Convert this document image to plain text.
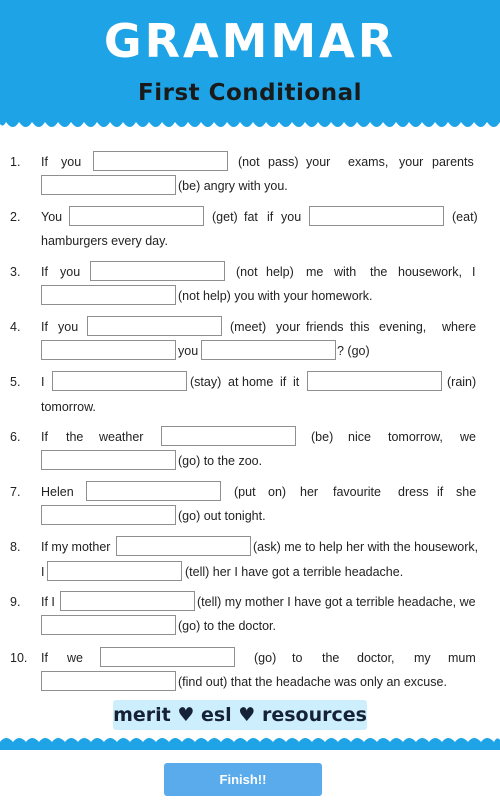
GRAMMAR
First Conditional
1. If	(not
you	pass) your exams, your parents
(be) angry with you.
2. You	(get) fat if you	(eat)
hamburgers every day.
3. If you	(not help) me with the housework, I
(not help) you with your homework.
4. If you	(meet) your friends this evening, where
you	? (go)
5. I	(stay) at home if it	(rain)
tomorrow.
6. If the weather	(be) nice tomorrow, we
(go) to the zoo.
7. Helen	(put on) her favourite dress if she
(go) out tonight.
8. If my mother	(ask) me to help her with the housework,
I	(tell) her I have got a terrible headache.
9. If I	(tell) my mother I have got a terrible headache, we
(go) to the doctor.
10. If we	(go) to the doctor, my mum
(find out) that the headache was only an excuse.
merit ♥ esl ♥ resources
Finish!!
